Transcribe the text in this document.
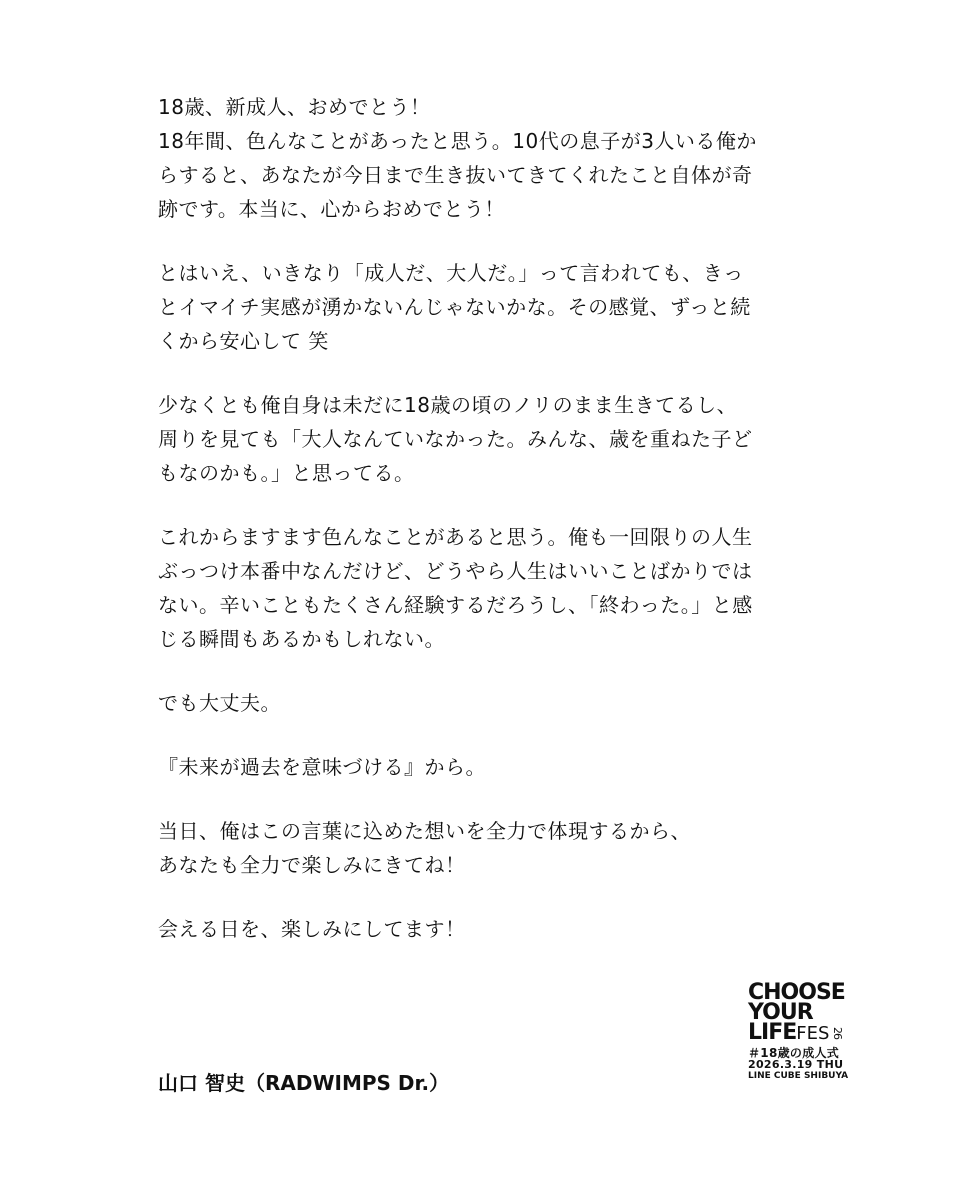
18歳、新成人、おめでとう！
18年間、色んなことがあったと思う。10代の息子が3人いる俺か
らすると、あなたが今日まで生き抜いてきてくれたこと自体が奇
跡です。本当に、心からおめでとう！
とはいえ、いきなり「成人だ、大人だ。」って言われても、きっ
とイマイチ実感が湧かないんじゃないかな。その感覚、ずっと続
くから安心して 笑
少なくとも俺自身は未だに18歳の頃のノリのまま生きてるし、
周りを見ても「大人なんていなかった。みんな、歳を重ねた子ど
もなのかも。」と思ってる。
これからますます色んなことがあると思う。俺も一回限りの人生
ぶっつけ本番中なんだけど、どうやら人生はいいことばかりでは
ない。辛いこともたくさん経験するだろうし、「終わった。」と感
じる瞬間もあるかもしれない。
でも大丈夫。
『未来が過去を意味づける』から。
当日、俺はこの言葉に込めた想いを全力で体現するから、
あなたも全力で楽しみにきてね！
会える日を、楽しみにしてます！
山口 智史（RADWIMPS Dr.）
CHOOSE
YOUR
LIFEFES 26
＃18歳の成人式
2026.3.19 THU
LINE CUBE SHIBUYA
